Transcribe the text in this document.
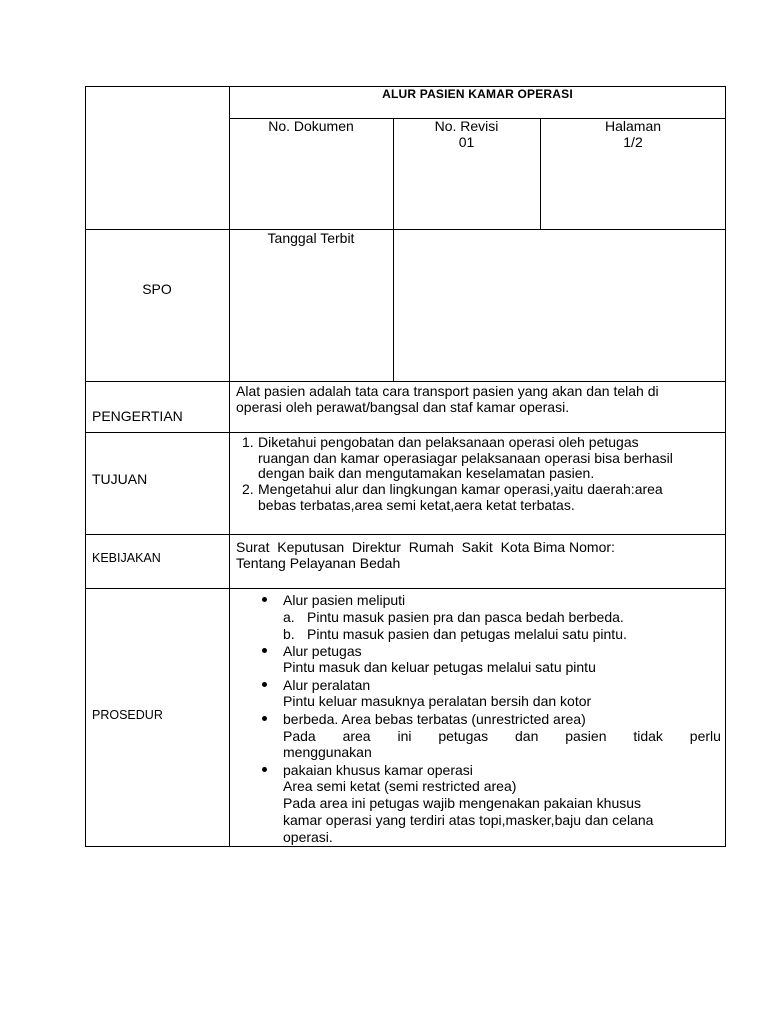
ALUR PASIEN KAMAR OPERASI
No. Dokumen	No. Revisi
01
Halaman
1/2
Tanggal Terbit
SPO
PENGERTIAN
Alat pasien adalah tata cara transport pasien yang akan dan telah di
operasi oleh perawat/bangsal dan staf kamar operasi.
TUJUAN
1. Diketahui pengobatan dan pelaksanaan operasi oleh petugas
ruangan dan kamar operasiagar pelaksanaan operasi bisa berhasil
dengan baik dan mengutamakan keselamatan pasien.
2. Mengetahui alur dan lingkungan kamar operasi,yaitu daerah:area
bebas terbatas,area semi ketat,aera ketat terbatas.
KEBIJAKAN
Surat  Keputusan  Direktur  Rumah  Sakit  Kota Bima Nomor:
Tentang Pelayanan Bedah
PROSEDUR
Alur pasien meliputi
a. Pintu masuk pasien pra dan pasca bedah berbeda.
b. Pintu masuk pasien dan petugas melalui satu pintu.
Alur petugas
Pintu masuk dan keluar petugas melalui satu pintu
Alur peralatan
Pintu keluar masuknya peralatan bersih dan kotor
berbeda. Area bebas terbatas (unrestricted area)
Pada area ini petugas dan pasien tidak perlu
menggunakan
pakaian khusus kamar operasi
Area semi ketat (semi restricted area)
Pada area ini petugas wajib mengenakan pakaian khusus
kamar operasi yang terdiri atas topi,masker,baju dan celana
operasi.
